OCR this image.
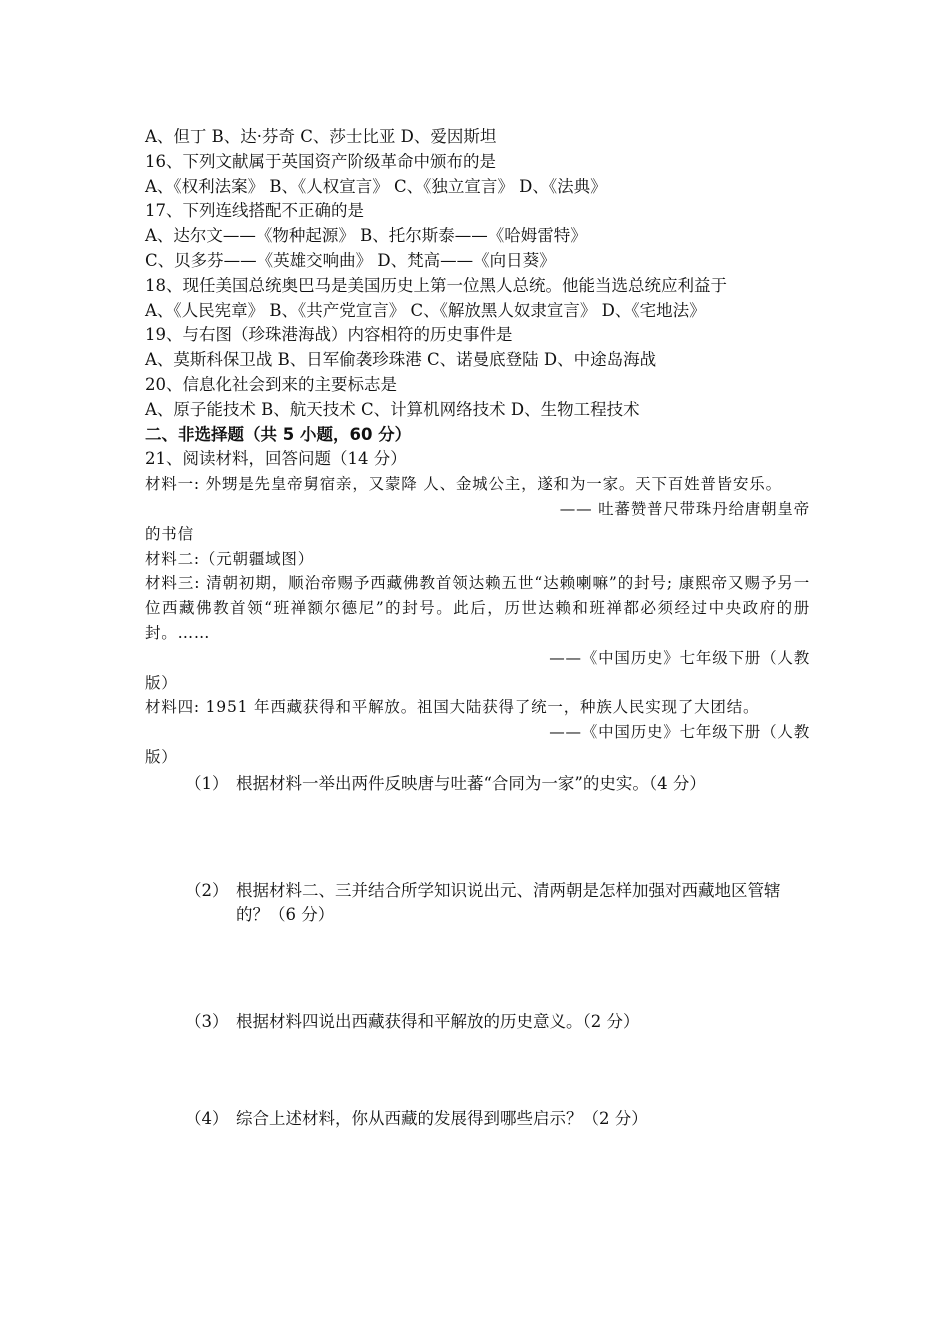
A、但丁 B、达·芬奇 C、莎士比亚 D、爱因斯坦
16、下列文献属于英国资产阶级革命中颁布的是
A、《权利法案》 B、《人权宣言》 C、《独立宣言》 D、《法典》
17、下列连线搭配不正确的是
A、达尔文——《物种起源》 B、托尔斯泰——《哈姆雷特》
C、贝多芬——《英雄交响曲》 D、梵高——《向日葵》
18、现任美国总统奥巴马是美国历史上第一位黑人总统。他能当选总统应利益于
A、《人民宪章》 B、《共产党宣言》 C、《解放黑人奴隶宣言》 D、《宅地法》
19、与右图（珍珠港海战）内容相符的历史事件是
A、莫斯科保卫战 B、日军偷袭珍珠港 C、诺曼底登陆 D、中途岛海战
20、信息化社会到来的主要标志是
A、原子能技术 B、航天技术 C、计算机网络技术 D、生物工程技术
二、非选择题（共 5 小题，60 分）
21、阅读材料，回答问题（14 分）
材料一: 外甥是先皇帝舅宿亲，又蒙降 人、金城公主，遂和为一家。天下百姓普皆安乐。
—— 吐蕃赞普尺带珠丹给唐朝皇帝
的书信
材料二:（元朝疆域图）
材料三: 清朝初期，顺治帝赐予西藏佛教首领达赖五世“达赖喇嘛”的封号; 康熙帝又赐予另一位西藏佛教首领“班禅额尔德尼”的封号。此后，历世达赖和班禅都必须经过中央政府的册封。……
——《中国历史》七年级下册（人教
版）
材料四: 1951 年西藏获得和平解放。祖国大陆获得了统一，种族人民实现了大团结。
——《中国历史》七年级下册（人教
版）
（1） 根据材料一举出两件反映唐与吐蕃“合同为一家”的史实。（4 分）
（2） 根据材料二、三并结合所学知识说出元、清两朝是怎样加强对西藏地区管辖的？（6 分）
（3） 根据材料四说出西藏获得和平解放的历史意义。（2 分）
（4） 综合上述材料，你从西藏的发展得到哪些启示？（2 分）
